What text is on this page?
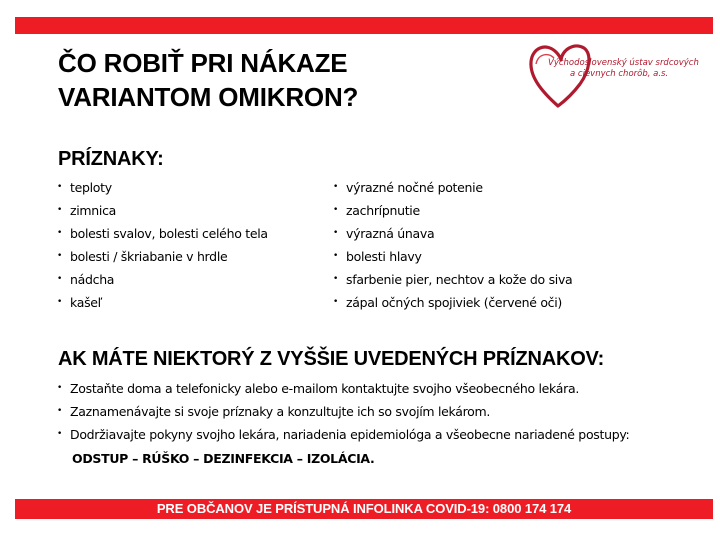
ČO ROBIŤ PRI NÁKAZE
VARIANTOM OMIKRON?
Východoslovenský ústav srdcových
a cievnych chorôb, a.s.
PRÍZNAKY:
• teploty
• zimnica
• bolesti svalov, bolesti celého tela
• bolesti / škriabanie v hrdle
• nádcha
• kašeľ
• výrazné nočné potenie
• zachrípnutie
• výrazná únava
• bolesti hlavy
• sfarbenie pier, nechtov a kože do siva
• zápal očných spojiviek (červené oči)
AK MÁTE NIEKTORÝ Z VYŠŠIE UVEDENÝCH PRÍZNAKOV:
• Zostaňte doma a telefonicky alebo e-mailom kontaktujte svojho všeobecného lekára.
• Zaznamenávajte si svoje príznaky a konzultujte ich so svojím lekárom.
• Dodržiavajte pokyny svojho lekára, nariadenia epidemiológa a všeobecne nariadené postupy:
ODSTUP – RÚŠKO – DEZINFEKCIA – IZOLÁCIA.
PRE OBČANOV JE PRÍSTUPNÁ INFOLINKA COVID-19: 0800 174 174
